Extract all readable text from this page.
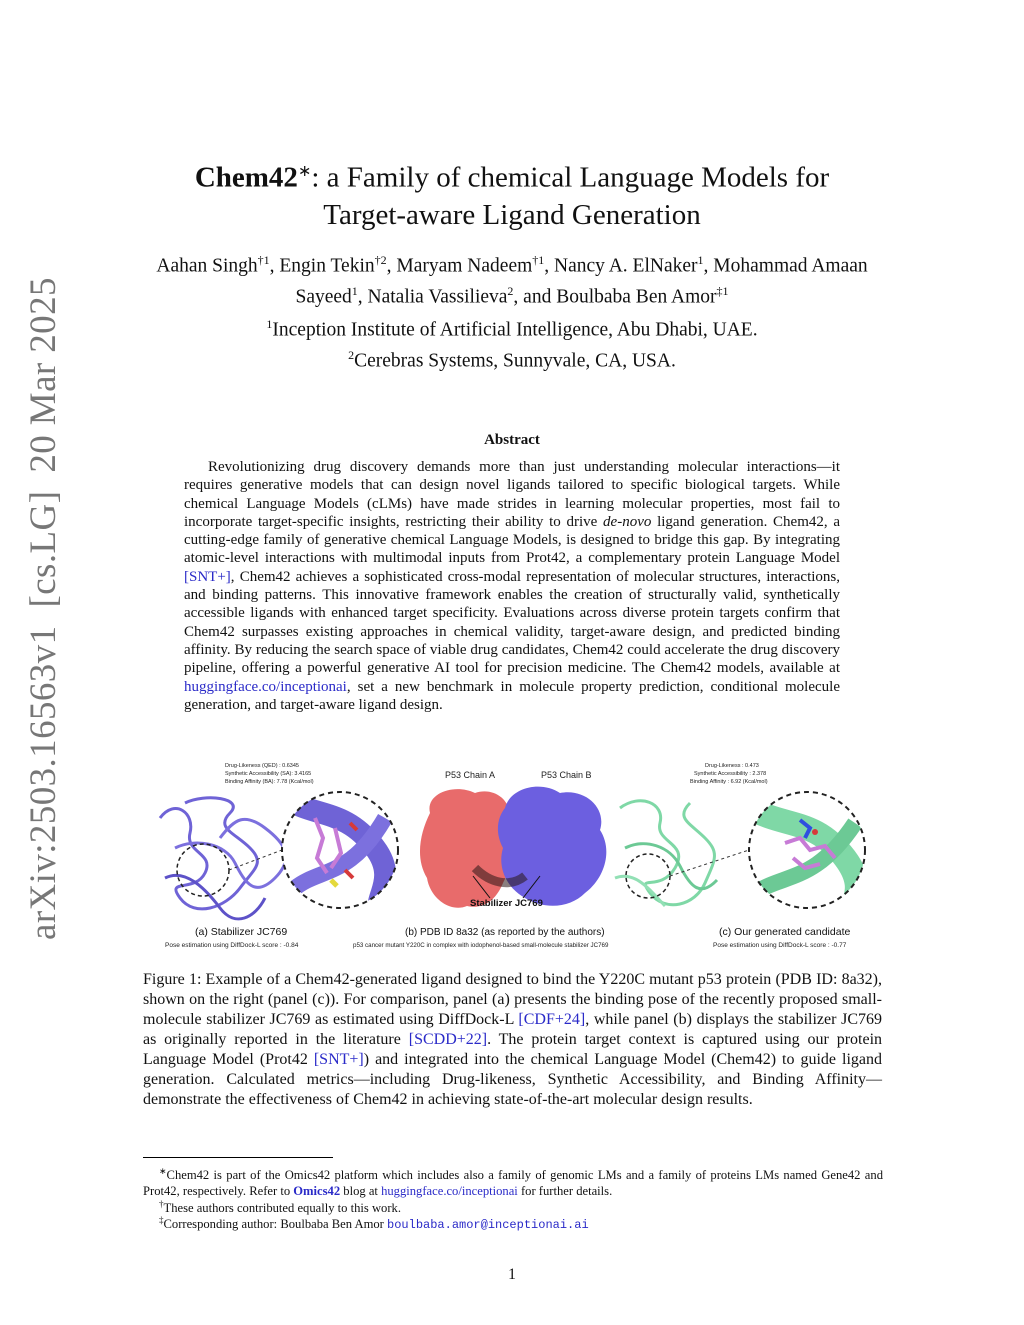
arXiv:2503.16563v1[cs.LG]20 Mar 2025
Chem42∗: a Family of chemical Language Models for
Target-aware Ligand Generation
Aahan Singh$^{\dagger 1}$, Engin Tekin$^{\dagger 2}$, Maryam Nadeem$^{\dagger 1}$, Nancy A. ElNaker$^1$, Mohammad Amaan Sayeed$^1$, Natalia Vassilieva$^2$, and Boulbaba Ben Amor$^{\ddagger 1}$
$^1$Inception Institute of Artificial Intelligence, Abu Dhabi, UAE.
$^2$Cerebras Systems, Sunnyvale, CA, USA.
Abstract

Revolutionizing drug discovery demands more than just understanding molecular interactions—it requires generative models that can design novel ligands tailored to specific biological targets. While chemical Language Models (cLMs) have made strides in learning molecular properties, most fail to incorporate target-specific insights, restricting their ability to drive de-novo ligand generation. Chem42, a cutting-edge family of generative chemical Language Models, is designed to bridge this gap. By integrating atomic-level interactions with multimodal inputs from Prot42, a complementary protein Language Model [SNT+], Chem42 achieves a sophisticated cross-modal representation of molecular structures, interactions, and binding patterns. This innovative framework enables the creation of structurally valid, synthetically accessible ligands with enhanced target specificity. Evaluations across diverse protein targets confirm that Chem42 surpasses existing approaches in chemical validity, target-aware design, and predicted binding affinity. By reducing the search space of viable drug candidates, Chem42 could accelerate the drug discovery pipeline, offering a powerful generative AI tool for precision medicine. The Chem42 models, available at huggingface.co/inceptionai, set a new benchmark in molecule property prediction, conditional molecule generation, and target-aware ligand design.

Drug-Likeness (QED) : 0.6345
Synthetic Accessibility (SA): 3.4165
Binding Affinity (BA): 7.78 (Kcal/mol)
P53 Chain A	P53 Chain B
Stabilizer JC769
Drug-Likeness : 0.473
Synthetic Accessibility : 2.378
Binding Affinity : 6.92 (Kcal/mol)
(a) Stabilizer JC769
Pose estimation using DiffDock-L score : -0.84
(b) PDB ID 8a32 (as reported by the authors)
p53 cancer mutant Y220C in complex with iodophenol-based small-molecule stabilizer JC769
(c) Our generated candidate
Pose estimation using DiffDock-L score : -0.77

Figure 1: Example of a Chem42-generated ligand designed to bind the Y220C mutant p53 protein (PDB ID: 8a32), shown on the right (panel (c)). For comparison, panel (a) presents the binding pose of the recently proposed small-molecule stabilizer JC769 as estimated using DiffDock-L [CDF+24], while panel (b) displays the stabilizer JC769 as originally reported in the literature [SCDD+22]. The protein target context is captured using our protein Language Model (Prot42 [SNT+]) and integrated into the chemical Language Model (Chem42) to guide ligand generation. Calculated metrics—including Drug-likeness, Synthetic Accessibility, and Binding Affinity—demonstrate the effectiveness of Chem42 in achieving state-of-the-art molecular design results.

∗Chem42 is part of the Omics42 platform which includes also a family of genomic LMs and a family of proteins LMs named Gene42 and Prot42, respectively. Refer to Omics42 blog at huggingface.co/inceptionai for further details.

†These authors contributed equally to this work.

‡Corresponding author: Boulbaba Ben Amor boulbaba.amor@inceptionai.ai

1
